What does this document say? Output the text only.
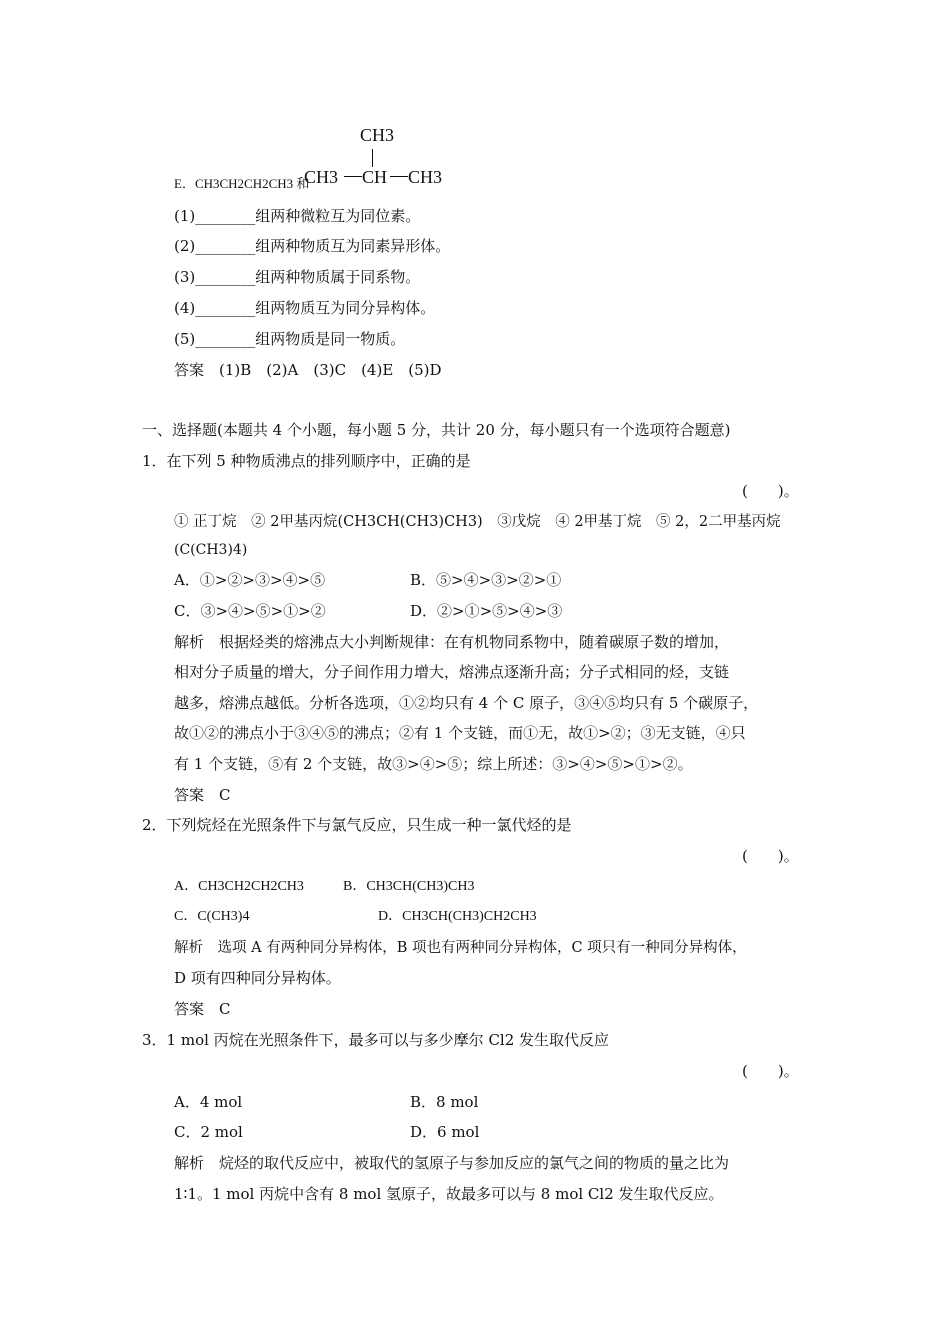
CH3
CH3 CH CH3
E．CH3CH2CH2CH3 和
(1)________组两种微粒互为同位素。
(2)________组两种物质互为同素异形体。
(3)________组两种物质属于同系物。
(4)________组两物质互为同分异构体。
(5)________组两物质是同一物质。
答案　(1)B　(2)A　(3)C　(4)E　(5)D
一、选择题(本题共 4 个小题，每小题 5 分，共计 20 分，每小题只有一个选项符合题意)
1．在下列 5 种物质沸点的排列顺序中，正确的是
(　　)。
① 正丁烷　② 2甲基丙烷(CH3CH(CH3)CH3)　③戊烷　④ 2甲基丁烷　⑤ 2，2二甲基丙烷
(C(CH3)4)
A．①>②>③>④>⑤	B．⑤>④>③>②>①
C．③>④>⑤>①>②	D．②>①>⑤>④>③
解析　根据烃类的熔沸点大小判断规律：在有机物同系物中，随着碳原子数的增加，
相对分子质量的增大，分子间作用力增大，熔沸点逐渐升高；分子式相同的烃，支链
越多，熔沸点越低。分析各选项，①②均只有 4 个 C 原子，③④⑤均只有 5 个碳原子，
故①②的沸点小于③④⑤的沸点；②有 1 个支链，而①无，故①>②；③无支链，④只
有 1 个支链，⑤有 2 个支链，故③>④>⑤；综上所述：③>④>⑤>①>②。
答案　C
2．下列烷烃在光照条件下与氯气反应，只生成一种一氯代烃的是
(　　)。
A．CH3CH2CH2CH3	B．CH3CH(CH3)CH3
C．C(CH3)4	D．CH3CH(CH3)CH2CH3
解析　选项 A 有两种同分异构体，B 项也有两种同分异构体，C 项只有一种同分异构体，
D 项有四种同分异构体。
答案　C
3．1 mol 丙烷在光照条件下，最多可以与多少摩尔 Cl2 发生取代反应
(　　)。
A．4 mol	B．8 mol
C．2 mol	D．6 mol
解析　烷烃的取代反应中，被取代的氢原子与参加反应的氯气之间的物质的量之比为
1∶1。1 mol 丙烷中含有 8 mol 氢原子，故最多可以与 8 mol Cl2 发生取代反应。
